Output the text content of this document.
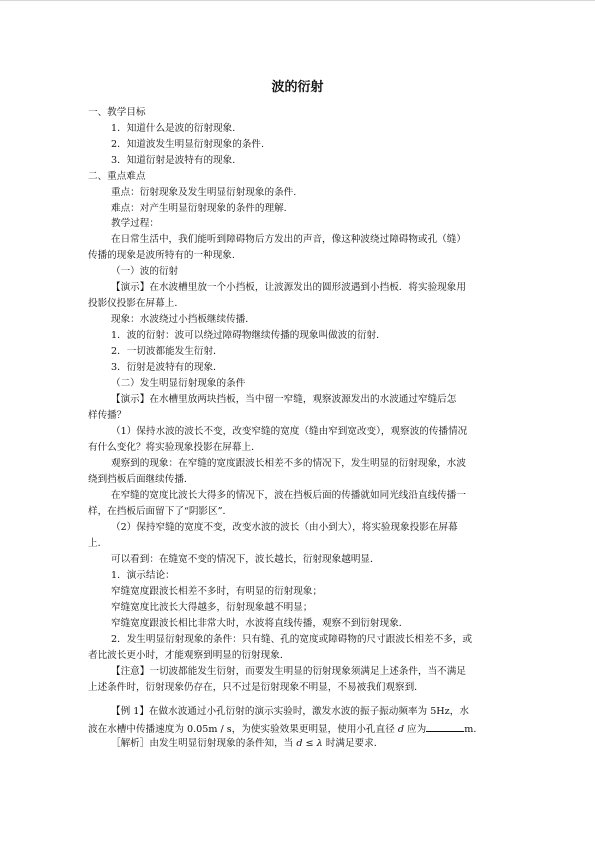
波的衍射
一、教学目标
1．知道什么是波的衍射现象.
2．知道波发生明显衍射现象的条件.
3．知道衍射是波特有的现象.
二、重点难点
重点：衍射现象及发生明显衍射现象的条件.
难点：对产生明显衍射现象的条件的理解.
教学过程：
在日常生活中，我们能听到障碍物后方发出的声音，像这种波绕过障碍物或孔（缝）
传播的现象是波所特有的一种现象.
（一）波的衍射
【演示】在水波槽里放一个小挡板，让波源发出的圆形波遇到小挡板．将实验现象用
投影仪投影在屏幕上．
现象：水波绕过小挡板继续传播．
1．波的衍射：波可以绕过障碍物继续传播的现象叫做波的衍射．
2．一切波都能发生衍射．
3．衍射是波特有的现象．
（二）发生明显衍射现象的条件
【演示】在水槽里放两块挡板，当中留一窄缝，观察波源发出的水波通过窄缝后怎
样传播？
（1）保持水波的波长不变，改变窄缝的宽度（缝由窄到宽改变），观察波的传播情况
有什么变化？将实验现象投影在屏幕上．
观察到的现象：在窄缝的宽度跟波长相差不多的情况下，发生明显的衍射现象，水波
绕到挡板后面继续传播．
在窄缝的宽度比波长大得多的情况下，波在挡板后面的传播就如同光线沿直线传播一
样，在挡板后面留下了“阴影区”．
（2）保持窄缝的宽度不变，改变水波的波长（由小到大），将实验现象投影在屏幕
上．
可以看到：在缝宽不变的情况下，波长越长，衍射现象越明显．
1．演示结论：
窄缝宽度跟波长相差不多时，有明显的衍射现象；
窄缝宽度比波长大得越多，衍射现象越不明显；
窄缝宽度跟波长相比非常大时，水波将直线传播，观察不到衍射现象．
2．发生明显衍射现象的条件：只有缝、孔的宽度或障碍物的尺寸跟波长相差不多，或
者比波长更小时，才能观察到明显的衍射现象．
【注意】一切波都能发生衍射，而要发生明显的衍射现象须满足上述条件，当不满足
上述条件时，衍射现象仍存在，只不过是衍射现象不明显，不易被我们观察到．
【例 1】在做水波通过小孔衍射的演示实验时，激发水波的振子振动频率为 5Hz，水
波在水槽中传播速度为 0.05m / s，为使实验效果更明显，使用小孔直径 d 应为	m．
［解析］由发生明显衍射现象的条件知，当 d ≤ λ 时满足要求．
